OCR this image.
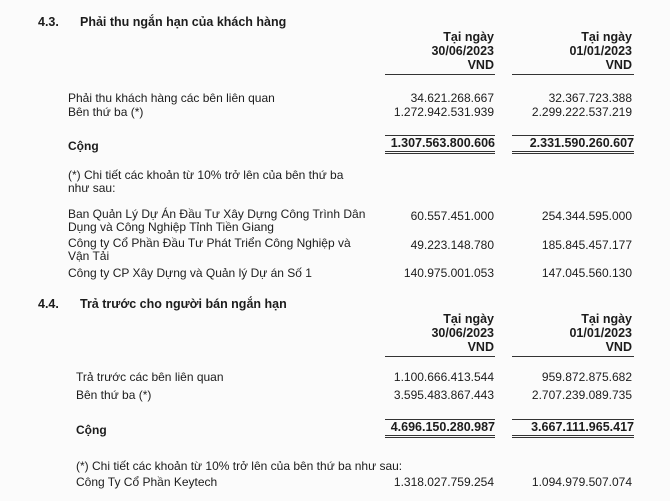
4.3. Phải thu ngắn hạn của khách hàng
Tại ngày
30/06/2023
VND
Tại ngày
01/01/2023
VND
Phải thu khách hàng các bên liên quan	34.621.268.667	32.367.723.388
Bên thứ ba (*)	1.272.942.531.939	2.299.222.537.219
Cộng	1.307.563.800.606	2.331.590.260.607
(*) Chi tiết các khoản từ 10% trở lên của bên thứ ba như sau:
Ban Quản Lý Dự Án Đầu Tư Xây Dựng Công Trình Dân Dụng và Công Nghiệp Tỉnh Tiền Giang
60.557.451.000	254.344.595.000
Công ty Cổ Phần Đầu Tư Phát Triển Công Nghiệp và Vận Tải
49.223.148.780	185.845.457.177
Công ty CP Xây Dựng và Quản lý Dự án Số 1	140.975.001.053	147.045.560.130
4.4. Trả trước cho người bán ngắn hạn
Tại ngày
30/06/2023
VND
Tại ngày
01/01/2023
VND
Trả trước các bên liên quan	1.100.666.413.544	959.872.875.682
Bên thứ ba (*)	3.595.483.867.443	2.707.239.089.735
Cộng	4.696.150.280.987	3.667.111.965.417
(*) Chi tiết các khoản từ 10% trở lên của bên thứ ba như sau:
Công Ty Cổ Phần Keytech	1.318.027.759.254	1.094.979.507.074
